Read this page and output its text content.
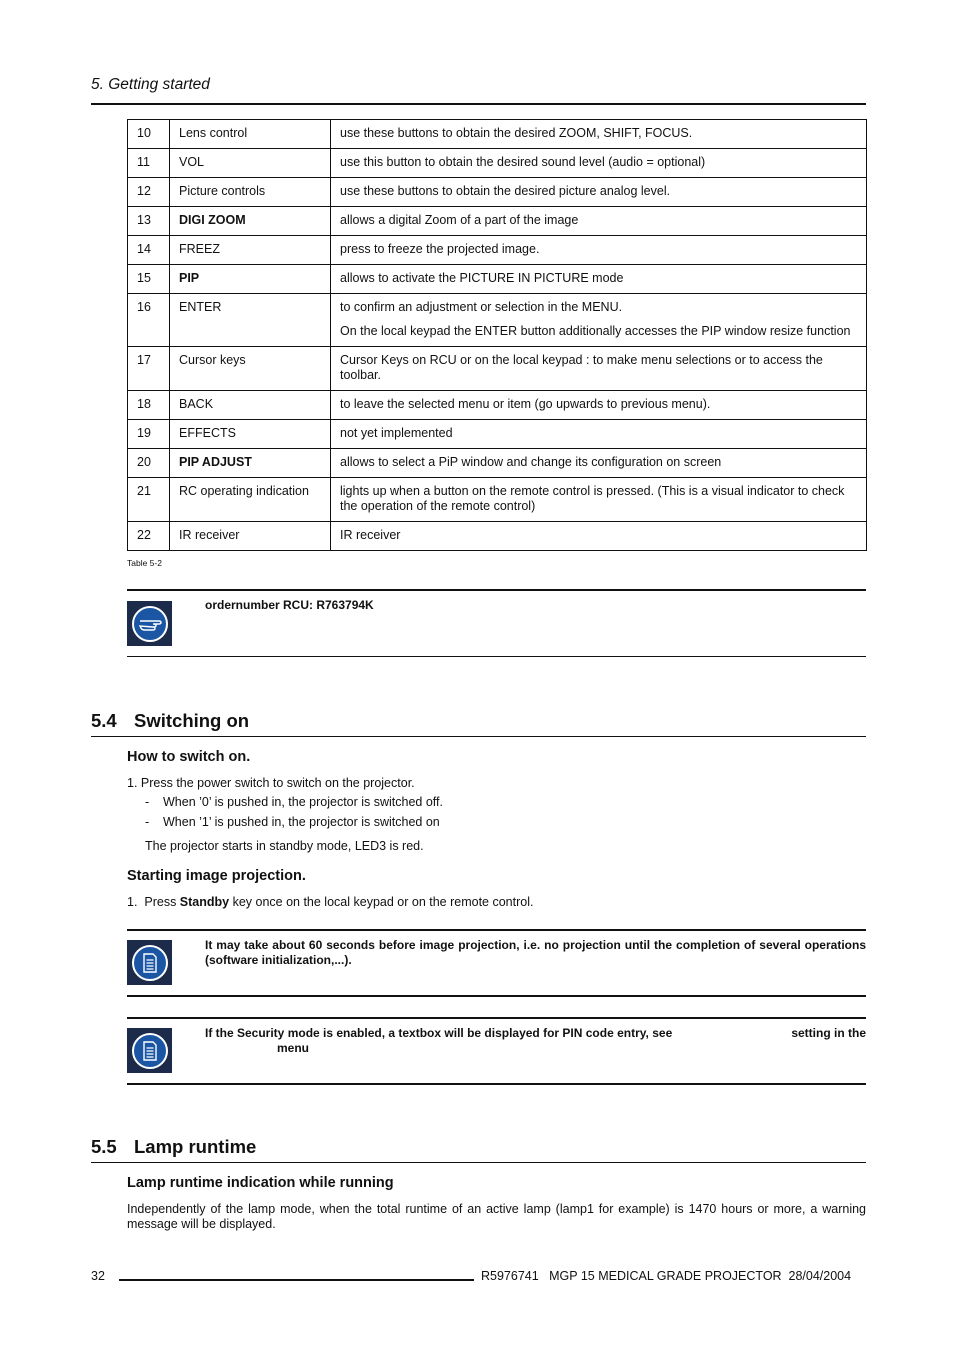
5. Getting started
10	Lens control	use these buttons to obtain the desired ZOOM, SHIFT, FOCUS.

11	VOL	use this button to obtain the desired sound level (audio = optional)

12	Picture controls	use these buttons to obtain the desired picture analog level.

13	DIGI ZOOM	allows a digital Zoom of a part of the image

14	FREEZ	press to freeze the projected image.

15	PIP	allows to activate the PICTURE IN PICTURE mode

16	ENTER	to confirm an adjustment or selection in the MENU.
On the local keypad the ENTER button additionally accesses the PIP window resize function

17	Cursor keys	Cursor Keys on RCU or on the local keypad : to make menu selections or to access the toolbar.

18	BACK	to leave the selected menu or item (go upwards to previous menu).

19	EFFECTS	not yet implemented

20	PIP ADJUST	allows to select a PiP window and change its configuration on screen

21	RC operating indication	lights up when a button on the remote control is pressed. (This is a visual indicator to check the operation of the remote control)

22	IR receiver	IR receiver
Table 5-2
ordernumber RCU: R763794K
5.4 Switching on
How to switch on.
1. Press the power switch to switch on the projector.
- When ’0’ is pushed in, the projector is switched off.
- When ’1’ is pushed in, the projector is switched on
The projector starts in standby mode, LED3 is red.
Starting image projection.
1.  Press Standby key once on the local keypad or on the remote control.
It may take about 60 seconds before image projection, i.e. no projection until the completion of several operations (software initialization,...).
If the Security mode is enabled, a textbox will be displayed for PIN code entry, see	setting in the
menu
5.5 Lamp runtime
Lamp runtime indication while running
Independently of the lamp mode, when the total runtime of an active lamp (lamp1 for example) is 1470 hours or more, a warning message will be displayed.
32	R5976741   MGP 15 MEDICAL GRADE PROJECTOR  28/04/2004
